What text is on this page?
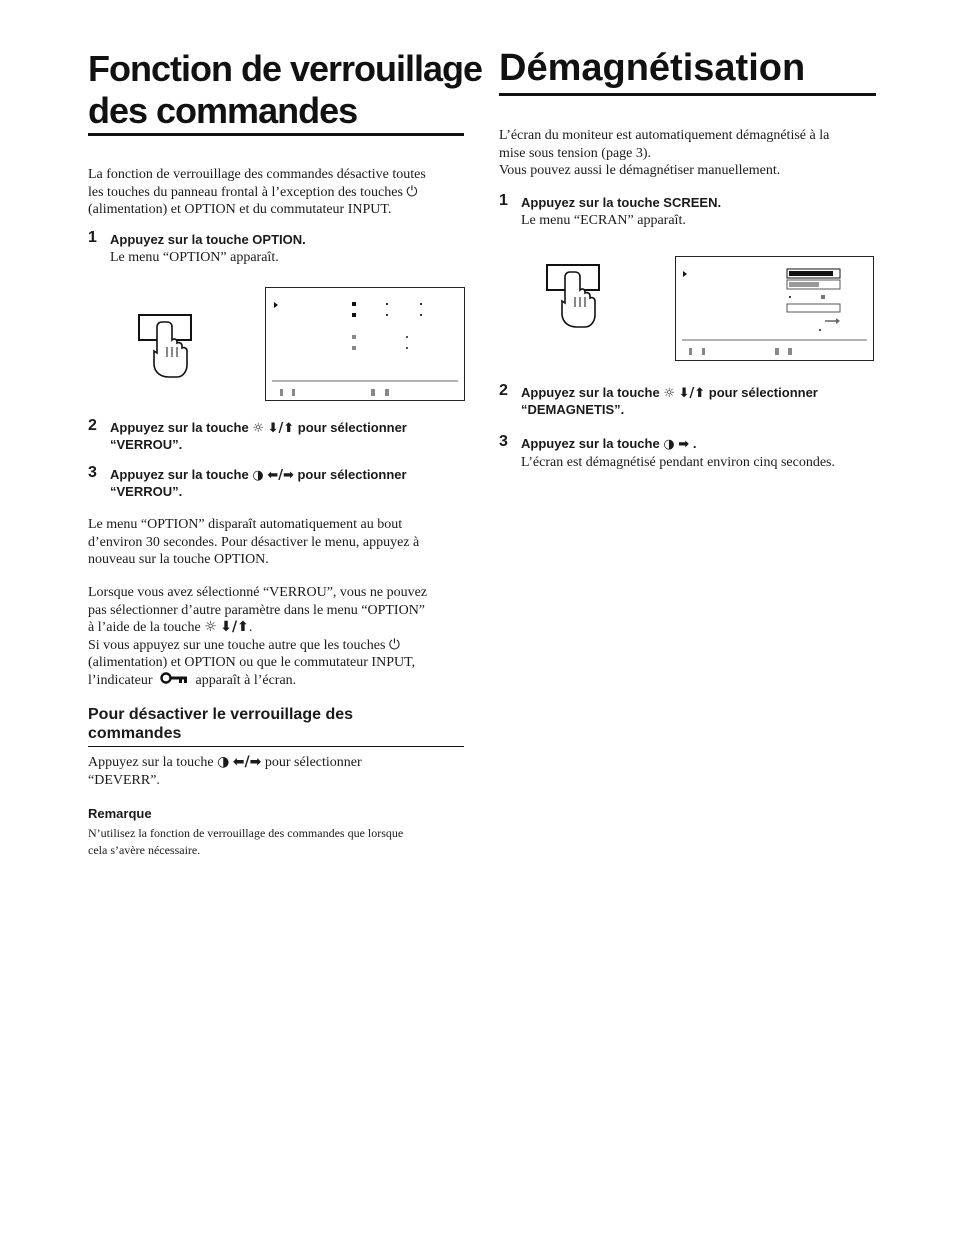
Fonction de verrouillage
des commandes
La fonction de verrouillage des commandes désactive toutes
les touches du panneau frontal à l’exception des touches ⏻
(alimentation) et OPTION et du commutateur INPUT.
1 Appuyez sur la touche OPTION.
Le menu “OPTION” apparaît.
2 Appuyez sur la touche ☼ ⬇/⬆ pour sélectionner
“VERROU”.
3 Appuyez sur la touche ◑ ⬅/➡ pour sélectionner
“VERROU”.
Le menu “OPTION” disparaît automatiquement au bout
d’environ 30 secondes. Pour désactiver le menu, appuyez à
nouveau sur la touche OPTION.
Lorsque vous avez sélectionné “VERROU”, vous ne pouvez
pas sélectionner d’autre paramètre dans le menu “OPTION”
à l’aide de la touche ☼ ⬇/⬆.
Si vous appuyez sur une touche autre que les touches ⏻
(alimentation) et OPTION ou que le commutateur INPUT,
l’indicateur	apparaît à l’écran.
Pour désactiver le verrouillage des
commandes
Appuyez sur la touche ◑ ⬅/➡ pour sélectionner
“DEVERR”.
Remarque
N’utilisez la fonction de verrouillage des commandes que lorsque
cela s’avère nécessaire.
Démagnétisation
L’écran du moniteur est automatiquement démagnétisé à la
mise sous tension (page 3).
Vous pouvez aussi le démagnétiser manuellement.
1 Appuyez sur la touche SCREEN.
Le menu “ECRAN” apparaît.
2 Appuyez sur la touche ☼ ⬇/⬆ pour sélectionner
“DEMAGNETIS”.
3 Appuyez sur la touche ◑ ➡ .
L’écran est démagnétisé pendant environ cinq secondes.
